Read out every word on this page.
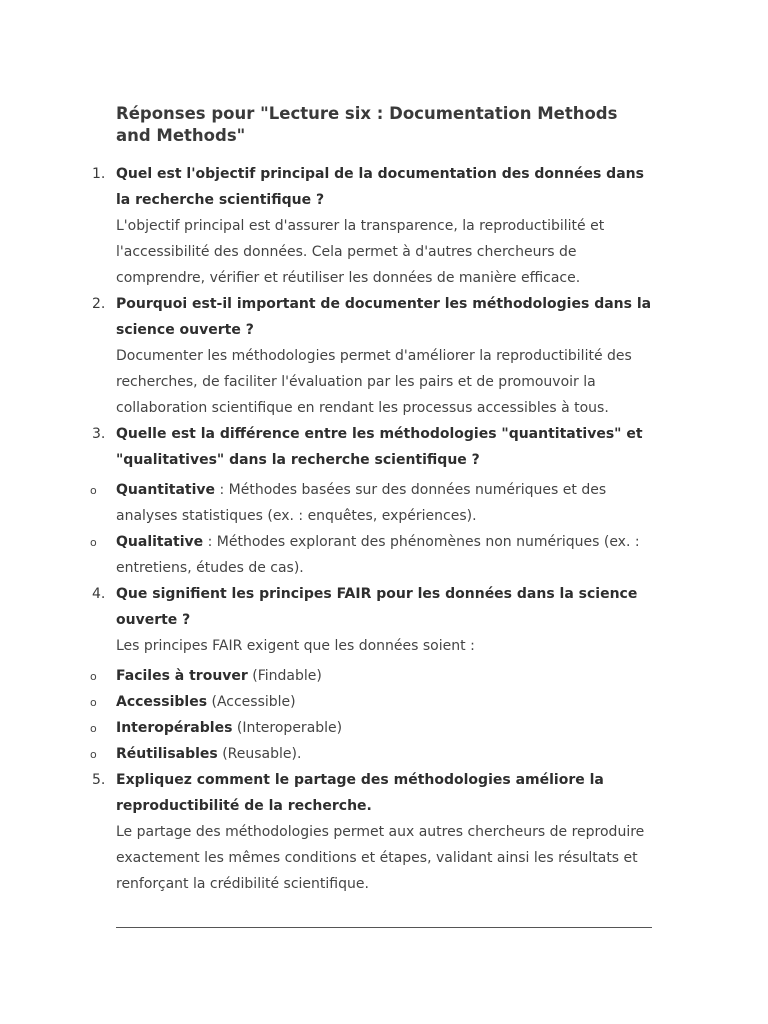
Réponses pour "Lecture six : Documentation Methods and Methods"
1. Quel est l'objectif principal de la documentation des données dans la recherche scientifique ?
L'objectif principal est d'assurer la transparence, la reproductibilité et l'accessibilité des données. Cela permet à d'autres chercheurs de comprendre, vérifier et réutiliser les données de manière efficace.
2. Pourquoi est-il important de documenter les méthodologies dans la science ouverte ?
Documenter les méthodologies permet d'améliorer la reproductibilité des recherches, de faciliter l'évaluation par les pairs et de promouvoir la collaboration scientifique en rendant les processus accessibles à tous.
3. Quelle est la différence entre les méthodologies "quantitatives" et "qualitatives" dans la recherche scientifique ?
o Quantitative : Méthodes basées sur des données numériques et des analyses statistiques (ex. : enquêtes, expériences).
o Qualitative : Méthodes explorant des phénomènes non numériques (ex. : entretiens, études de cas).
4. Que signifient les principes FAIR pour les données dans la science ouverte ?
Les principes FAIR exigent que les données soient :
o Faciles à trouver (Findable)
o Accessibles (Accessible)
o Interopérables (Interoperable)
o Réutilisables (Reusable).
5. Expliquez comment le partage des méthodologies améliore la reproductibilité de la recherche.
Le partage des méthodologies permet aux autres chercheurs de reproduire exactement les mêmes conditions et étapes, validant ainsi les résultats et renforçant la crédibilité scientifique.
